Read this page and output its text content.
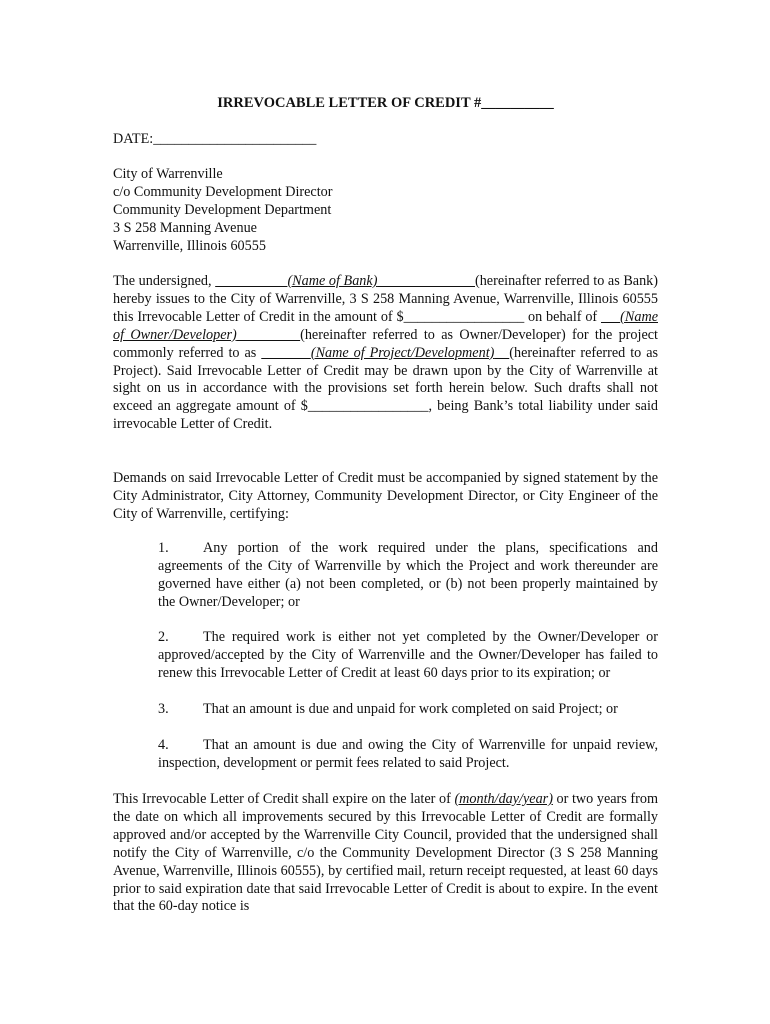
IRREVOCABLE LETTER OF CREDIT #__________
DATE:_______________________
City of Warrenville
c/o Community Development Director
Community Development Department
3 S 258 Manning Avenue
Warrenville, Illinois 60555
The undersigned,	(Name of Bank)	(hereinafter referred to as Bank) hereby issues to the City of Warrenville, 3 S 258 Manning Avenue, Warrenville, Illinois 60555 this Irrevocable Letter of Credit in the amount of $_________________ on behalf of      (Name of Owner/Developer)	(hereinafter referred to as Owner/Developer) for the project commonly referred to as	(Name of Project/Development) (hereinafter referred to as Project). Said Irrevocable Letter of Credit may be drawn upon by the City of Warrenville at sight on us in accordance with the provisions set forth herein below. Such drafts shall not exceed an aggregate amount of $_________________, being Bank’s total liability under said irrevocable Letter of Credit.
Demands on said Irrevocable Letter of Credit must be accompanied by signed statement by the City Administrator, City Attorney, Community Development Director, or City Engineer of the City of Warrenville, certifying:
1. Any portion of the work required under the plans, specifications and agreements of the City of Warrenville by which the Project and work thereunder are governed have either (a) not been completed, or (b) not been properly maintained by the Owner/Developer; or
2. The required work is either not yet completed by the Owner/Developer or approved/accepted by the City of Warrenville and the Owner/Developer has failed to renew this Irrevocable Letter of Credit at least 60 days prior to its expiration; or
3. That an amount is due and unpaid for work completed on said Project; or
4. That an amount is due and owing the City of Warrenville for unpaid review, inspection, development or permit fees related to said Project.
This Irrevocable Letter of Credit shall expire on the later of (month/day/year) or two years from the date on which all improvements secured by this Irrevocable Letter of Credit are formally approved and/or accepted by the Warrenville City Council, provided that the undersigned shall notify the City of Warrenville, c/o the Community Development Director (3 S 258 Manning Avenue, Warrenville, Illinois 60555), by certified mail, return receipt requested, at least 60 days prior to said expiration date that said Irrevocable Letter of Credit is about to expire. In the event that the 60-day notice is
